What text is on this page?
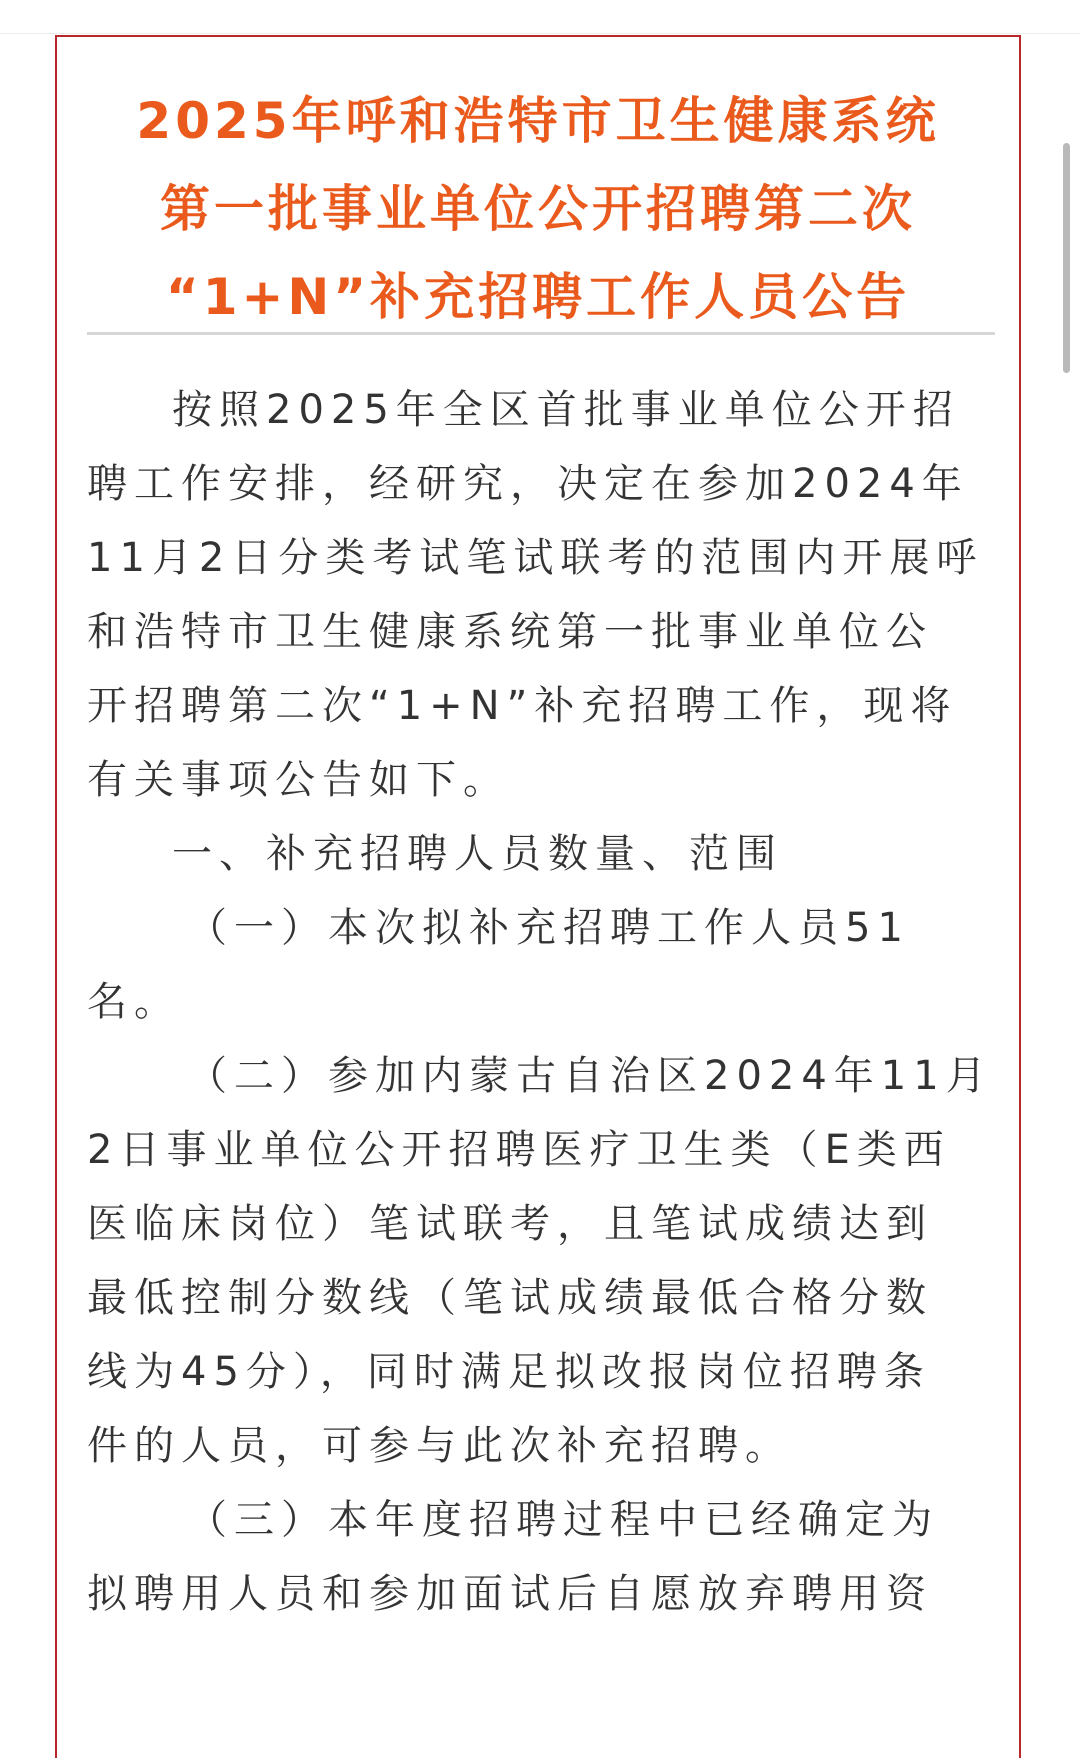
2025年呼和浩特市卫生健康系统
第一批事业单位公开招聘第二次
“1+N”补充招聘工作人员公告
按照2025年全区首批事业单位公开招
聘工作安排，经研究，决定在参加2024年
11月2日分类考试笔试联考的范围内开展呼
和浩特市卫生健康系统第一批事业单位公
开招聘第二次“1+N”补充招聘工作，现将
有关事项公告如下。
一、补充招聘人员数量、范围
（一）本次拟补充招聘工作人员51
名。
（二）参加内蒙古自治区2024年11月
2日事业单位公开招聘医疗卫生类（E类西
医临床岗位）笔试联考，且笔试成绩达到
最低控制分数线（笔试成绩最低合格分数
线为45分），同时满足拟改报岗位招聘条
件的人员，可参与此次补充招聘。
（三）本年度招聘过程中已经确定为
拟聘用人员和参加面试后自愿放弃聘用资
